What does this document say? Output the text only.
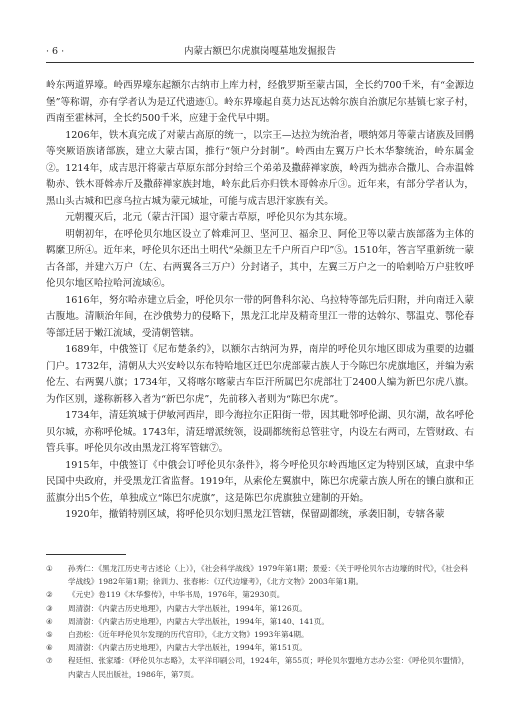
· 6 ·	内蒙古额巴尔虎旗岗嘎墓地发掘报告

岭东两道界壕。岭西界壕东起额尔古纳市上库力村，经俄罗斯至蒙古国，全长约700千米，有“金源边堡”等称谓，亦有学者认为是辽代遗迹①。岭东界壕起自莫力达瓦达斡尔族自治旗尼尔基镇七家子村，西南至霍林河，全长约500千米，应建于金代早中期。

1206年，铁木真完成了对蒙古高原的统一，以宗王—达拉为统治者，喂纳郊月等蒙古诸族及回鹘等突厥语族诸部族，建立大蒙古国，推行“领户分封制”。岭西由左翼万户长木华黎统治，岭东属金②。1214年，成吉思汗将蒙古草原东部分封给三个弟弟及撒薛禅家族，岭西为拙赤合撒儿、合赤温斡勒赤、铁木哥斡赤斤及撒薛禅家族封地，岭东此后亦归铁木哥斡赤斤③。近年来，有部分学者认为，黑山头古城和巴彦乌拉古城为蒙元城址，可能与成吉思汗家族有关。

元朝覆灭后，北元（蒙古汗国）退守蒙古草原，呼伦贝尔为其东境。

明朝初年，在呼伦贝尔地区设立了斡难河卫、坚河卫、福余卫、阿伦卫等以蒙古族部落为主体的羁縻卫所④。近年来，呼伦贝尔还出土明代“朵颜卫左千户所百户印”⑤。1510年，答言罕重新统一蒙古各部，并建六万户（左、右两翼各三万户）分封诸子，其中，左翼三万户之一的哈剌哈万户驻牧呼伦贝尔地区哈拉哈河流域⑥。

1616年，努尔哈赤建立后金，呼伦贝尔一带的阿鲁科尔沁、乌拉特等部先后归附，并向南迁入蒙古腹地。清顺治年间，在沙俄势力的侵略下，黑龙江北岸及精奇里江一带的达斡尔、鄂温克、鄂伦春等部迁居于嫩江流域，受清朝管辖。

1689年，中俄签订《尼布楚条约》，以额尔古纳河为界，南岸的呼伦贝尔地区即成为重要的边疆门户。1732年，清朝从大兴安岭以东布特哈地区迁巴尔虎部蒙古族人于今陈巴尔虎旗地区，并编为索伦左、右两翼八旗；1734年，又将喀尔喀蒙古车臣汗所属巴尔虎部壮丁2400人编为新巴尔虎八旗。为作区别，遂称新移入者为“新巴尔虎”，先前移入者则为“陈巴尔虎”。

1734年，清廷筑城于伊敏河西岸，即今海拉尔正阳街一带，因其毗邻呼伦湖、贝尔湖，故名呼伦贝尔城，亦称呼伦城。1743年，清廷增派统领，设副都统衔总管驻守，内设左右两司，左管财政、右管兵事。呼伦贝尔改由黑龙江将军管辖⑦。

1915年，中俄签订《中俄会订呼伦贝尔条件》，将今呼伦贝尔岭西地区定为特别区域，直隶中华民国中央政府，并受黑龙江省监督。1919年，从索伦左翼旗中，陈巴尔虎蒙古族人所在的镶白旗和正蓝旗分出5个佐，单独成立“陈巴尔虎旗”，这是陈巴尔虎旗独立建制的开始。

1920年，撤销特别区域，将呼伦贝尔划归黑龙江管辖，保留副都统，承袭旧制，专辖各蒙

① 孙秀仁：《黑龙江历史考古述论（上）》，《社会科学战线》1979年第1期；景爱：《关于呼伦贝尔古边壕的时代》，《社会科学战线》1982年第1期；徐训力、张春彬：《辽代边壕考》，《北方文物》2003年第1期。
② 《元史》卷119《木华黎传》，中华书局，1976年，第2930页。
③ 周清澍：《内蒙古历史地理》，内蒙古大学出版社，1994年，第126页。
④ 周清澍：《内蒙古历史地理》，内蒙古大学出版社，1994年，第140、141页。
⑤ 白劲松：《近年呼伦贝尔发现的历代官印》，《北方文物》1993年第4期。
⑥ 周清澍：《内蒙古历史地理》，内蒙古大学出版社，1994年，第151页。
⑦ 程廷恒、张家璠：《呼伦贝尔志略》，太平洋印刷公司，1924年，第55页；呼伦贝尔盟地方志办公室：《呼伦贝尔盟情》，内蒙古人民出版社，1986年，第7页。
